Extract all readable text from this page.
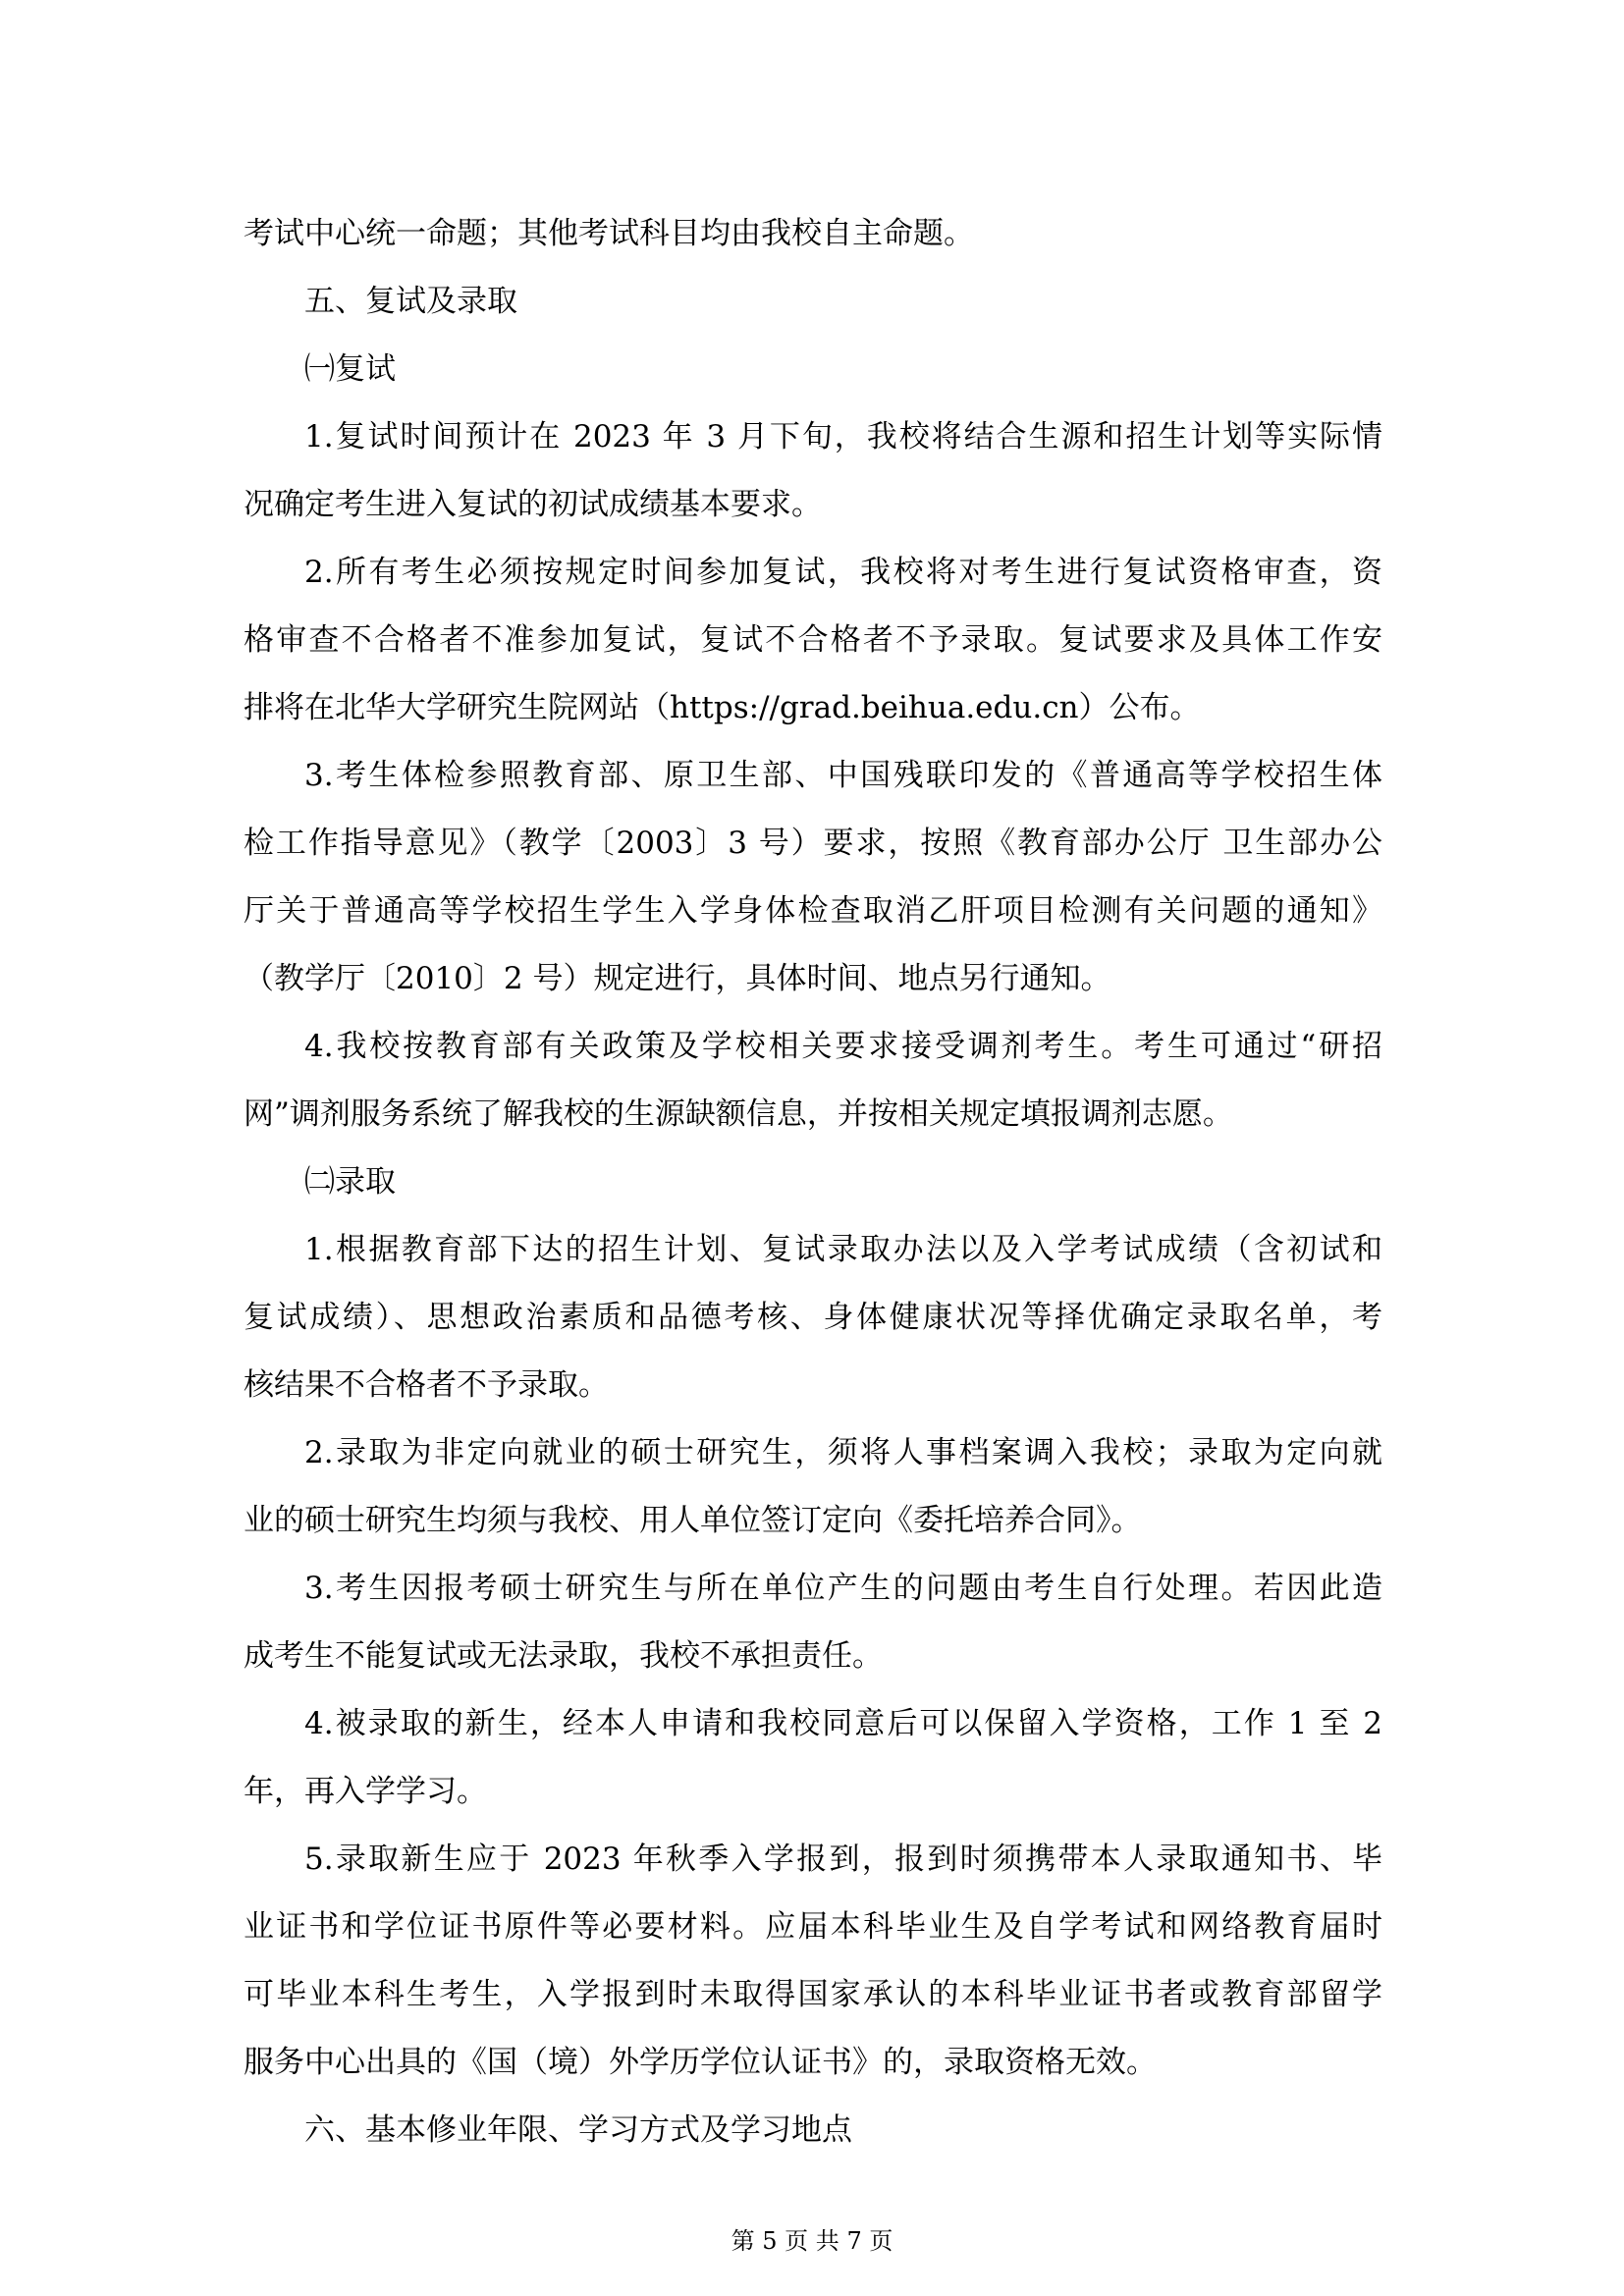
考试中心统一命题；其他考试科目均由我校自主命题。
五、复试及录取
㈠复试
1.复试时间预计在 2023 年 3 月下旬，我校将结合生源和招生计划等实际情
况确定考生进入复试的初试成绩基本要求。
2.所有考生必须按规定时间参加复试，我校将对考生进行复试资格审查，资
格审查不合格者不准参加复试，复试不合格者不予录取。复试要求及具体工作安
排将在北华大学研究生院网站（https://grad.beihua.edu.cn）公布。
3.考生体检参照教育部、原卫生部、中国残联印发的《普通高等学校招生体
检工作指导意见》（教学〔2003〕3 号）要求，按照《教育部办公厅 卫生部办公
厅关于普通高等学校招生学生入学身体检查取消乙肝项目检测有关问题的通知》
（教学厅〔2010〕2 号）规定进行，具体时间、地点另行通知。
4.我校按教育部有关政策及学校相关要求接受调剂考生。考生可通过“研招
网”调剂服务系统了解我校的生源缺额信息，并按相关规定填报调剂志愿。
㈡录取
1.根据教育部下达的招生计划、复试录取办法以及入学考试成绩（含初试和
复试成绩）、思想政治素质和品德考核、身体健康状况等择优确定录取名单，考
核结果不合格者不予录取。
2.录取为非定向就业的硕士研究生，须将人事档案调入我校；录取为定向就
业的硕士研究生均须与我校、用人单位签订定向《委托培养合同》。
3.考生因报考硕士研究生与所在单位产生的问题由考生自行处理。若因此造
成考生不能复试或无法录取，我校不承担责任。
4.被录取的新生，经本人申请和我校同意后可以保留入学资格，工作 1 至 2
年，再入学学习。
5.录取新生应于 2023 年秋季入学报到，报到时须携带本人录取通知书、毕
业证书和学位证书原件等必要材料。应届本科毕业生及自学考试和网络教育届时
可毕业本科生考生，入学报到时未取得国家承认的本科毕业证书者或教育部留学
服务中心出具的《国（境）外学历学位认证书》的，录取资格无效。
六、基本修业年限、学习方式及学习地点
第 5 页 共 7 页
